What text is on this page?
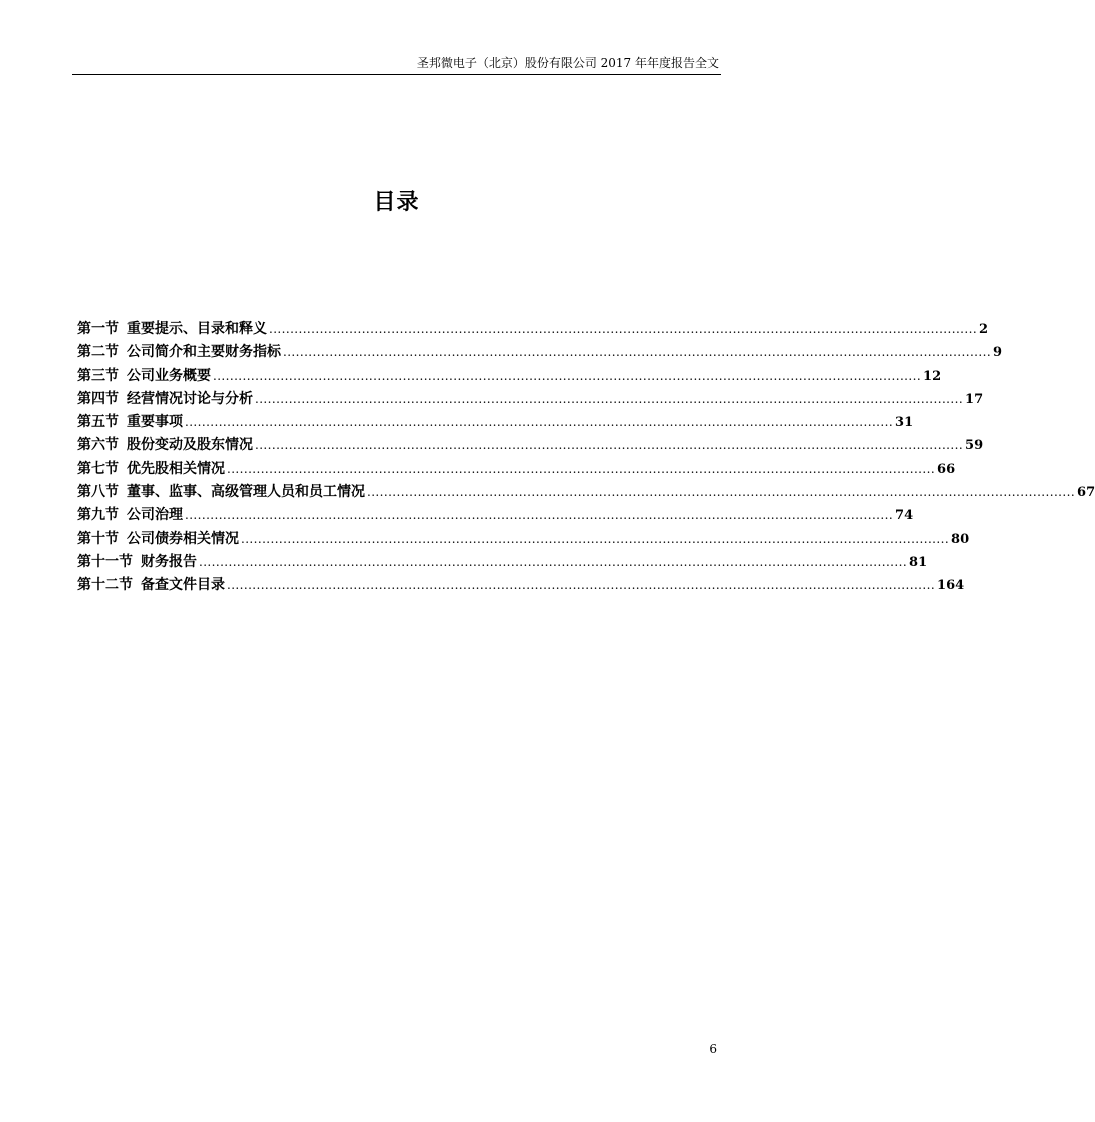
圣邦微电子（北京）股份有限公司 2017 年年度报告全文
目录
第一节 重要提示、目录和释义 ........................................................................................................................................................................ 2
第二节 公司简介和主要财务指标 ........................................................................................................................................................................ 9
第三节 公司业务概要 ........................................................................................................................................................................ 12
第四节 经营情况讨论与分析 ........................................................................................................................................................................ 17
第五节 重要事项 ........................................................................................................................................................................ 31
第六节 股份变动及股东情况 ........................................................................................................................................................................ 59
第七节 优先股相关情况 ........................................................................................................................................................................ 66
第八节 董事、监事、高级管理人员和员工情况 ........................................................................................................................................................................ 67
第九节 公司治理 ........................................................................................................................................................................ 74
第十节 公司债券相关情况 ........................................................................................................................................................................ 80
第十一节 财务报告 ........................................................................................................................................................................ 81
第十二节 备查文件目录 ........................................................................................................................................................................ 164
6
